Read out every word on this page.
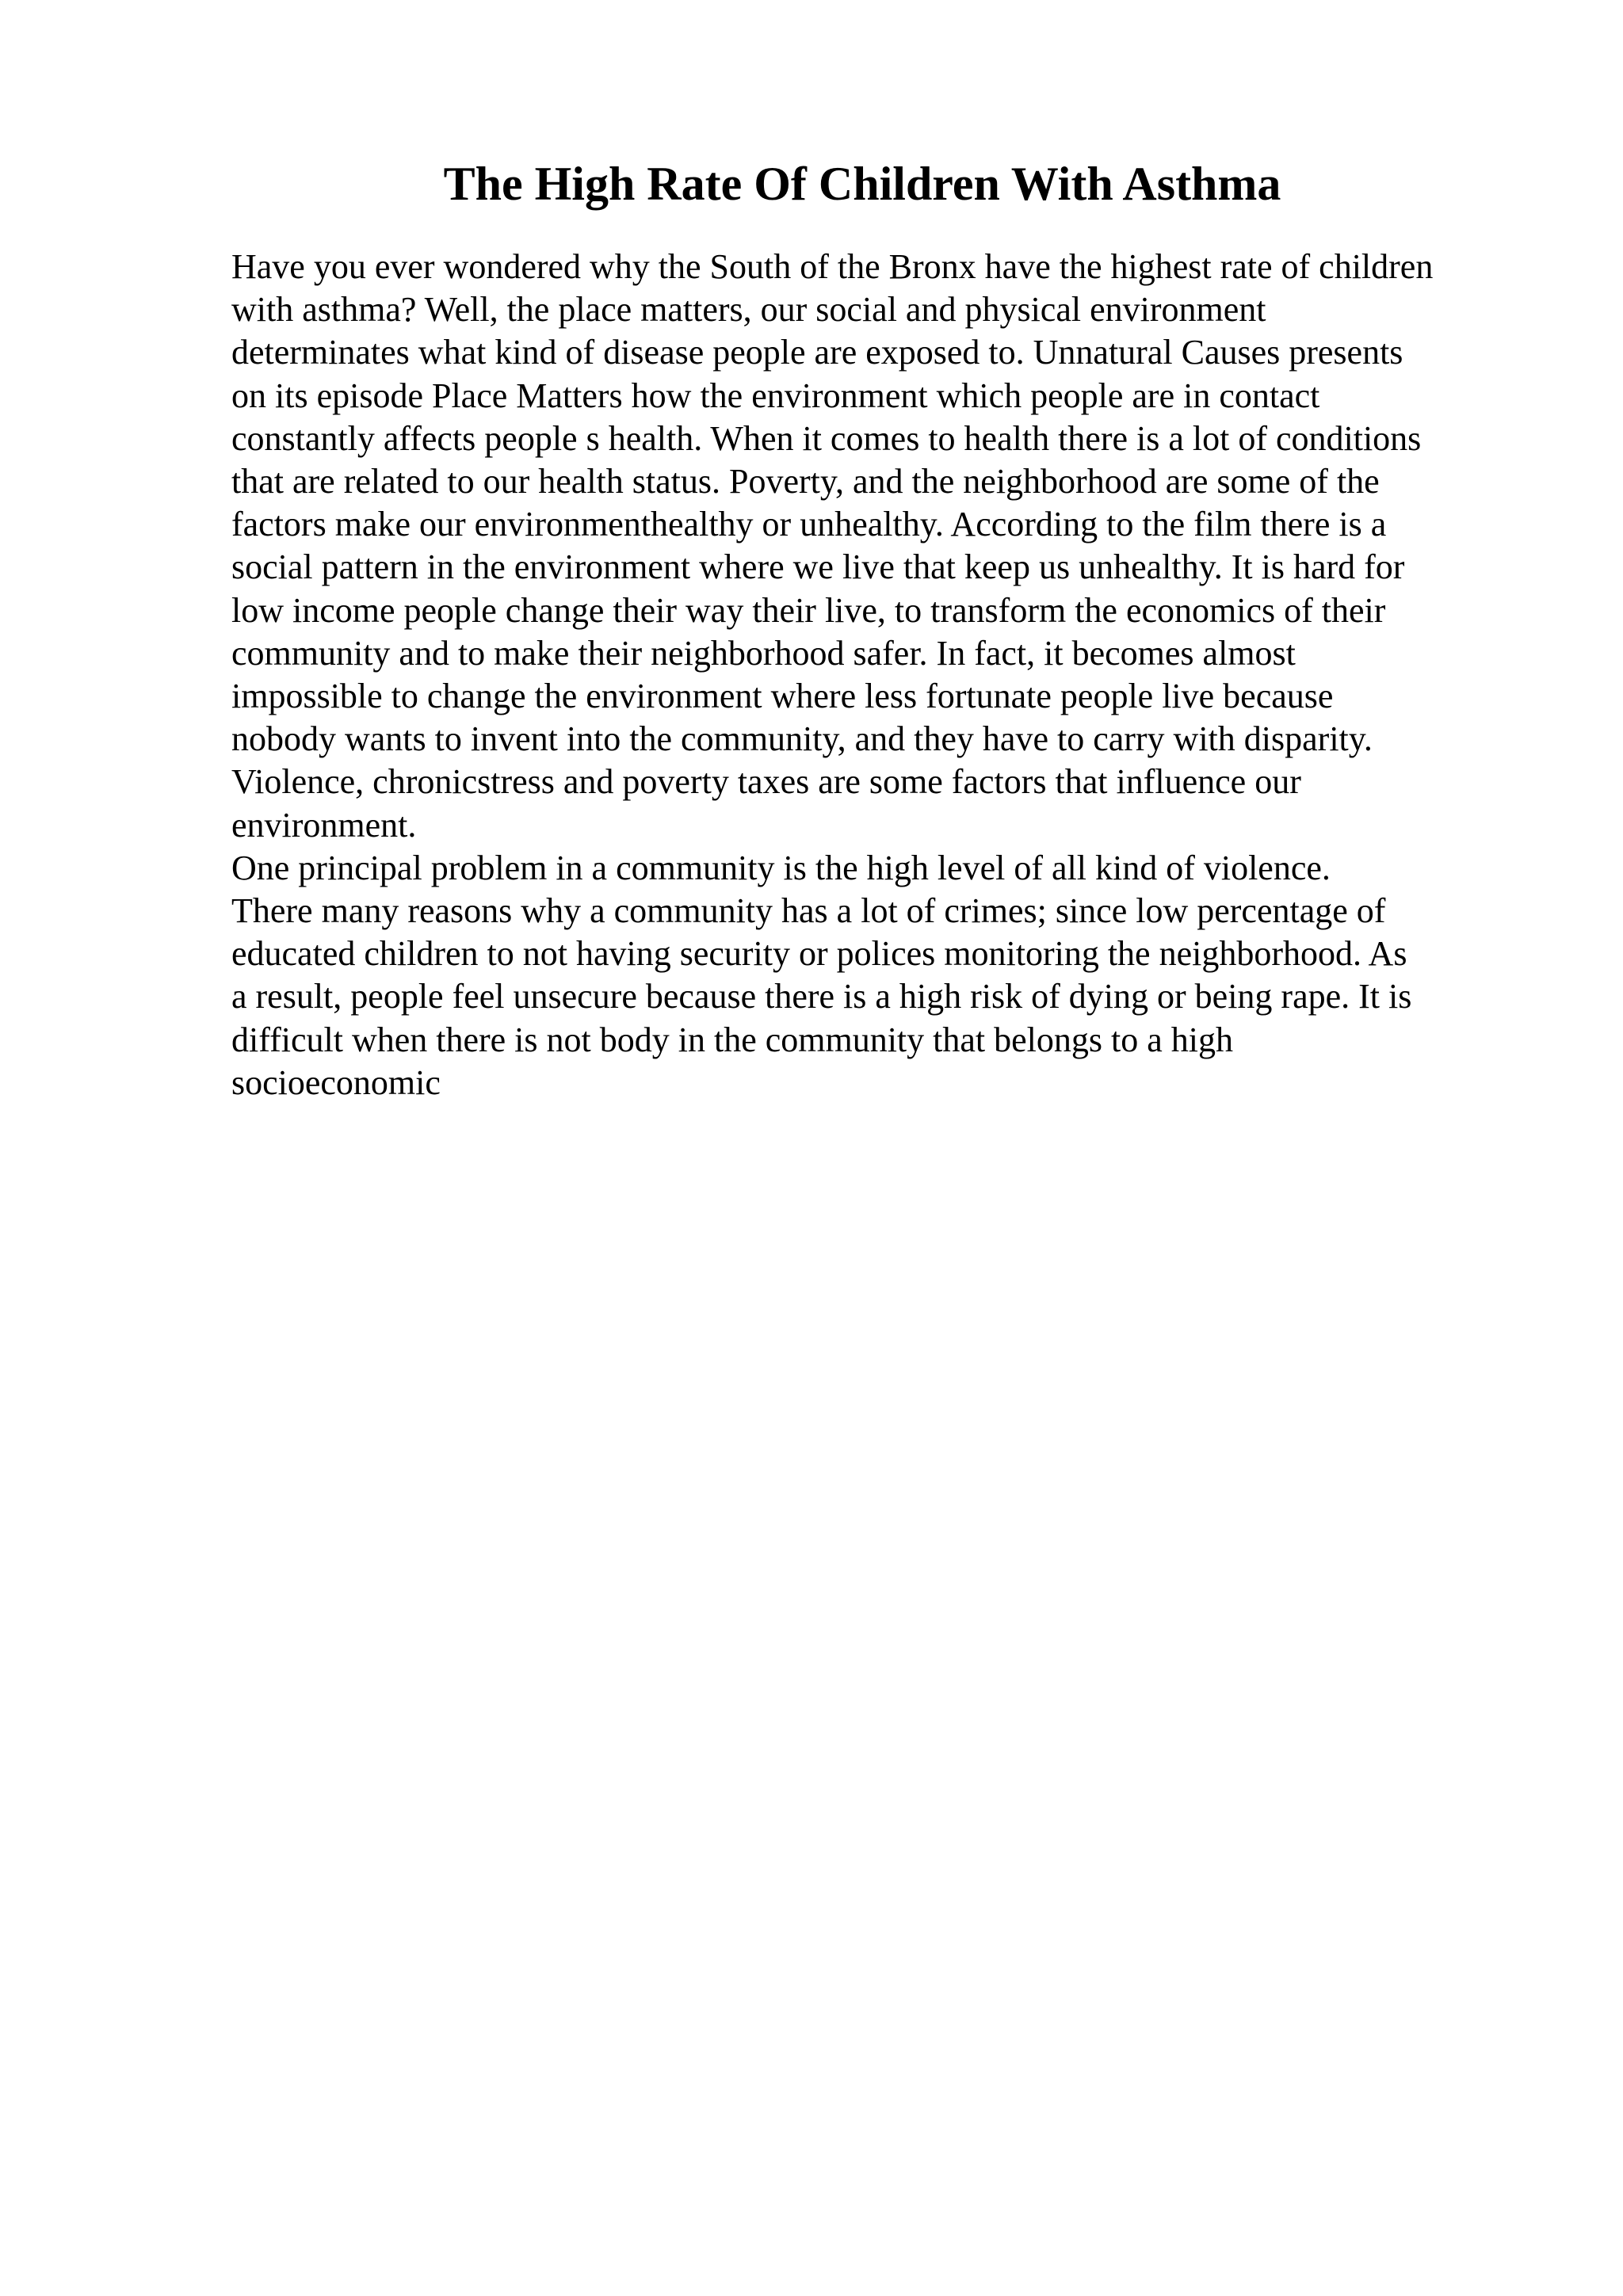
The High Rate Of Children With Asthma
Have you ever wondered why the South of the Bronx have the highest rate of children
with asthma? Well, the place matters, our social and physical environment
determinates what kind of disease people are exposed to. Unnatural Causes presents
on its episode Place Matters how the environment which people are in contact
constantly affects people s health. When it comes to health there is a lot of conditions
that are related to our health status. Poverty, and the neighborhood are some of the
factors make our environmenthealthy or unhealthy. According to the film there is a
social pattern in the environment where we live that keep us unhealthy. It is hard for
low income people change their way their live, to transform the economics of their
community and to make their neighborhood safer. In fact, it becomes almost
impossible to change the environment where less fortunate people live because
nobody wants to invent into the community, and they have to carry with disparity.
Violence, chronicstress and poverty taxes are some factors that influence our
environment.
One principal problem in a community is the high level of all kind of violence.
There many reasons why a community has a lot of crimes; since low percentage of
educated children to not having security or polices monitoring the neighborhood. As
a result, people feel unsecure because there is a high risk of dying or being rape. It is
difficult when there is not body in the community that belongs to a high
socioeconomic
